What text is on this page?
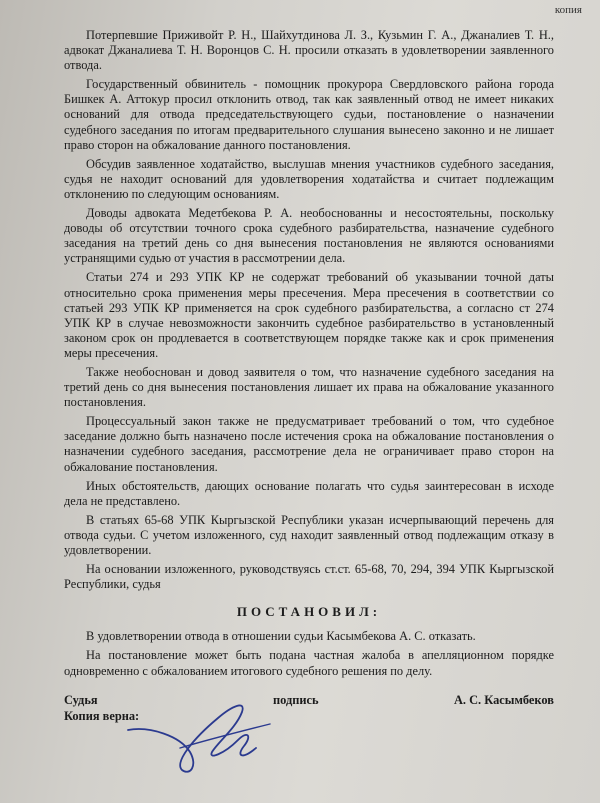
копия

Потерпевшие Приживойт Р. Н., Шайхутдинова Л. З., Кузьмин Г. А., Джаналиев Т. Н., адвокат Джаналиева Т. Н. Воронцов С. Н. просили отказать в удовлетворении заявленного отвода.

Государственный обвинитель - помощник прокурора Свердловского района города Бишкек А. Аттокур просил отклонить отвод, так как заявленный отвод не имеет никаких оснований для отвода председательствующего судьи, постановление о назначении судебного заседания по итогам предварительного слушания вынесено законно и не лишает право сторон на обжалование данного постановления.

Обсудив заявленное ходатайство, выслушав мнения участников судебного заседания, судья не находит оснований для удовлетворения ходатайства и считает подлежащим отклонению по следующим основаниям.

Доводы адвоката Медетбекова Р. А. необоснованны и несостоятельны, поскольку доводы об отсутствии точного срока судебного разбирательства, назначение судебного заседания на третий день со дня вынесения постановления не являются основаниями устранящими судью от участия в рассмотрении дела.

Статьи 274 и 293 УПК КР не содержат требований об указывании точной даты относительно срока применения меры пресечения. Мера пресечения в соответствии со статьей 293 УПК КР применяется на срок судебного разбирательства, а согласно ст 274 УПК КР в случае невозможности закончить судебное разбирательство в установленный законом срок он продлевается в соответствующем порядке также как и срок применения меры пресечения.

Также необоснован и довод заявителя о том, что назначение судебного заседания на третий день со дня вынесения постановления лишает их права на обжалование указанного постановления.

Процессуальный закон также не предусматривает требований о том, что судебное заседание должно быть назначено после истечения срока на обжалование постановления о назначении судебного заседания, рассмотрение дела не ограничивает право сторон на обжалование постановления.

Иных обстоятельств, дающих основание полагать что судья заинтересован в исходе дела не представлено.

В статьях 65-68 УПК Кыргызской Республики указан исчерпывающий перечень для отвода судьи. С учетом изложенного, суд находит заявленный отвод подлежащим отказу в удовлетворении.

На основании изложенного, руководствуясь ст.ст. 65-68, 70, 294, 394 УПК Кыргызской Республики, судья

ПОСТАНОВИЛ:

В удовлетворении отвода в отношении судьи Касымбекова А. С. отказать.

На постановление может быть подана частная жалоба в апелляционном порядке одновременно с обжалованием итогового судебного решения по делу.

Судья	подпись	А. С. Касымбеков
Копия верна:
